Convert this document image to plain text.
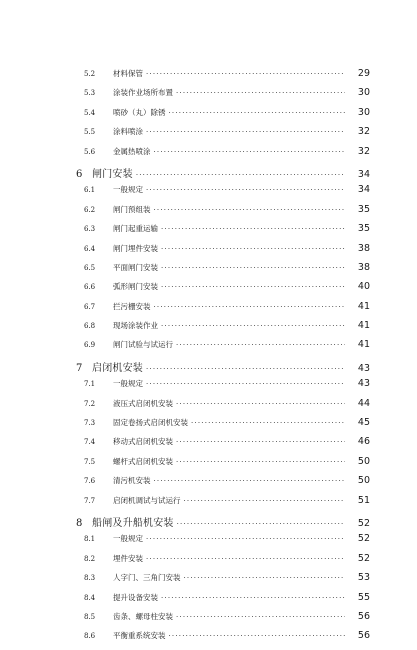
5.2	材料保管 ·····	29
5.3	涂装作业场所布置 ·····	30
5.4	喷砂（丸）除锈 ·····	30
5.5	涂料喷涂 ·····	32
5.6	金属热喷涂 ·····	32
6 闸门安装 ·····	34
6.1	一般规定 ·····	34
6.2	闸门预组装 ·····	35
6.3	闸门起重运输 ·····	35
6.4	闸门埋件安装 ·····	38
6.5	平面闸门安装 ·····	38
6.6	弧形闸门安装 ·····	40
6.7	拦污栅安装 ·····	41
6.8	现场涂装作业 ·····	41
6.9	闸门试验与试运行 ·····	41
7 启闭机安装 ·····	43
7.1	一般规定 ·····	43
7.2	液压式启闭机安装 ·····	44
7.3	固定卷扬式启闭机安装 ·····	45
7.4	移动式启闭机安装 ·····	46
7.5	螺杆式启闭机安装 ·····	50
7.6	清污机安装 ·····	50
7.7	启闭机调试与试运行 ·····	51
8 船闸及升船机安装 ·····	52
8.1	一般规定 ·····	52
8.2	埋件安装 ·····	52
8.3	人字门、三角门安装 ·····	53
8.4	提升设备安装 ·····	55
8.5	齿条、螺母柱安装 ·····	56
8.6	平衡重系统安装 ·····	56
